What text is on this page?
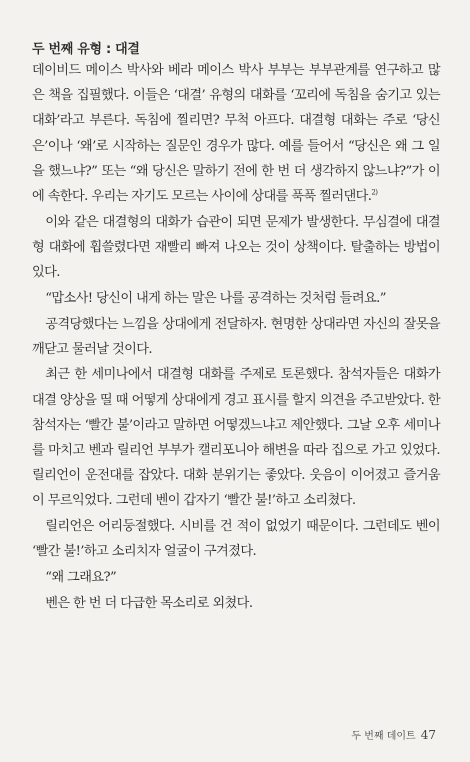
두 번째 유형 : 대결

데이비드 메이스 박사와 베라 메이스 박사 부부는 부부관계를 연구하고 많은 책을 집필했다. 이들은 ‘대결’ 유형의 대화를 ‘꼬리에 독침을 숨기고 있는 대화’라고 부른다. 독침에 찔리면? 무척 아프다. 대결형 대화는 주로 ‘당신은’이나 ‘왜’로 시작하는 질문인 경우가 많다. 예를 들어서 “당신은 왜 그 일을 했느냐?” 또는 “왜 당신은 말하기 전에 한 번 더 생각하지 않느냐?”가 이에 속한다. 우리는 자기도 모르는 사이에 상대를 푹푹 찔러댄다.$^{2)}$

이와 같은 대결형의 대화가 습관이 되면 문제가 발생한다. 무심결에 대결형 대화에 휩쓸렸다면 재빨리 빠져 나오는 것이 상책이다. 탈출하는 방법이 있다.

“맙소사! 당신이 내게 하는 말은 나를 공격하는 것처럼 들려요.”

공격당했다는 느낌을 상대에게 전달하자. 현명한 상대라면 자신의 잘못을 깨닫고 물러날 것이다.

최근 한 세미나에서 대결형 대화를 주제로 토론했다. 참석자들은 대화가 대결 양상을 띨 때 어떻게 상대에게 경고 표시를 할지 의견을 주고받았다. 한 참석자는 ‘빨간 불’이라고 말하면 어떻겠느냐고 제안했다. 그날 오후 세미나를 마치고 벤과 릴리언 부부가 캘리포니아 해변을 따라 집으로 가고 있었다. 릴리언이 운전대를 잡았다. 대화 분위기는 좋았다. 웃음이 이어졌고 즐거움이 무르익었다. 그런데 벤이 갑자기 ‘빨간 불!’하고 소리쳤다.

릴리언은 어리둥절했다. 시비를 건 적이 없었기 때문이다. 그런데도 벤이 ‘빨간 불!’하고 소리치자 얼굴이 구겨졌다.

“왜 그래요?”

벤은 한 번 더 다급한 목소리로 외쳤다.

두 번째 데이트 47
